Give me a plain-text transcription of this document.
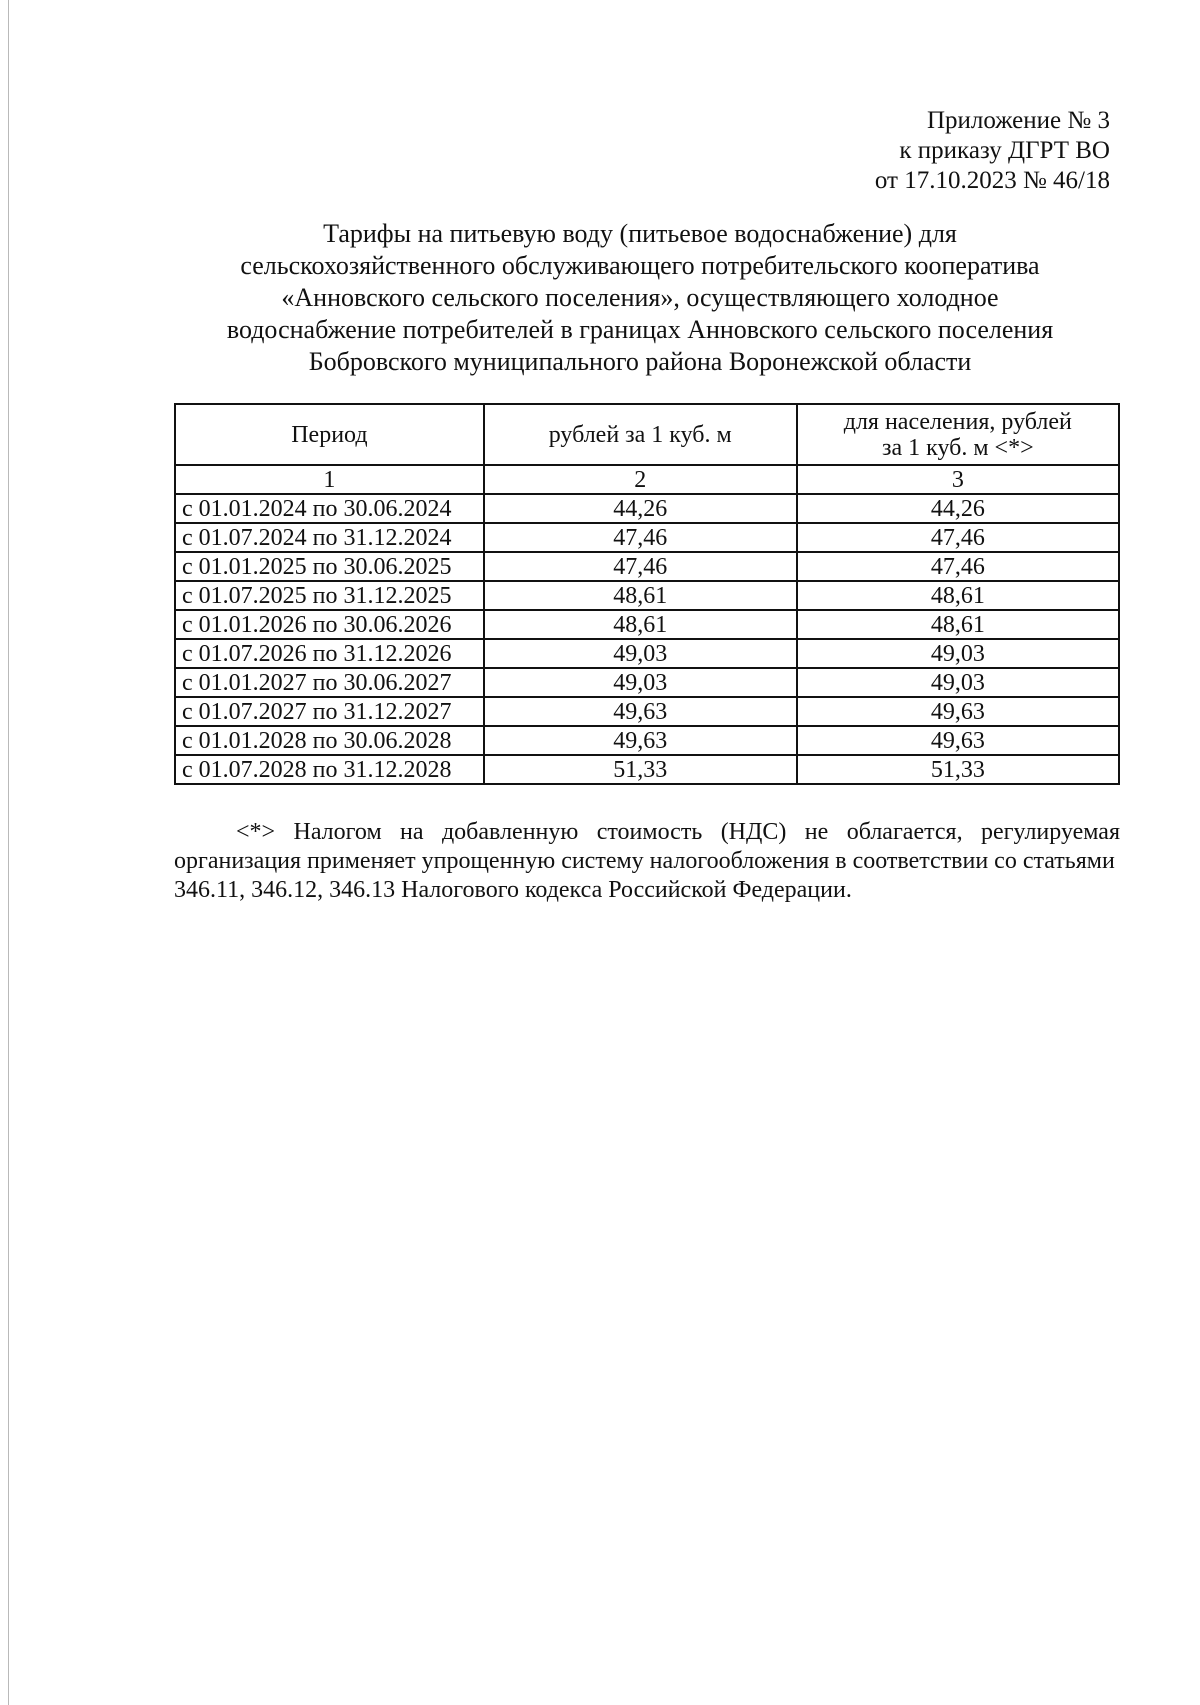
Приложение № 3
к приказу ДГРТ ВО
от 17.10.2023 № 46/18
Тарифы на питьевую воду (питьевое водоснабжение) для
сельскохозяйственного обслуживающего потребительского кооператива
«Анновского сельского поселения», осуществляющего холодное
водоснабжение потребителей в границах Анновского сельского поселения
Бобровского муниципального района Воронежской области
Период	рублей за 1 куб. м	для населения, рублей
за 1 куб. м <*>

1	2	3
с 01.01.2024 по 30.06.2024	44,26	44,26
с 01.07.2024 по 31.12.2024	47,46	47,46
с 01.01.2025 по 30.06.2025	47,46	47,46
с 01.07.2025 по 31.12.2025	48,61	48,61
с 01.01.2026 по 30.06.2026	48,61	48,61
с 01.07.2026 по 31.12.2026	49,03	49,03
с 01.01.2027 по 30.06.2027	49,03	49,03
с 01.07.2027 по 31.12.2027	49,63	49,63
с 01.01.2028 по 30.06.2028	49,63	49,63
с 01.07.2028 по 31.12.2028	51,33	51,33

<*> Налогом на добавленную стоимость (НДС) не облагается, регулируемая

организация применяет упрощенную систему налогообложения в соответствии со статьями

346.11, 346.12, 346.13 Налогового кодекса Российской Федерации.
